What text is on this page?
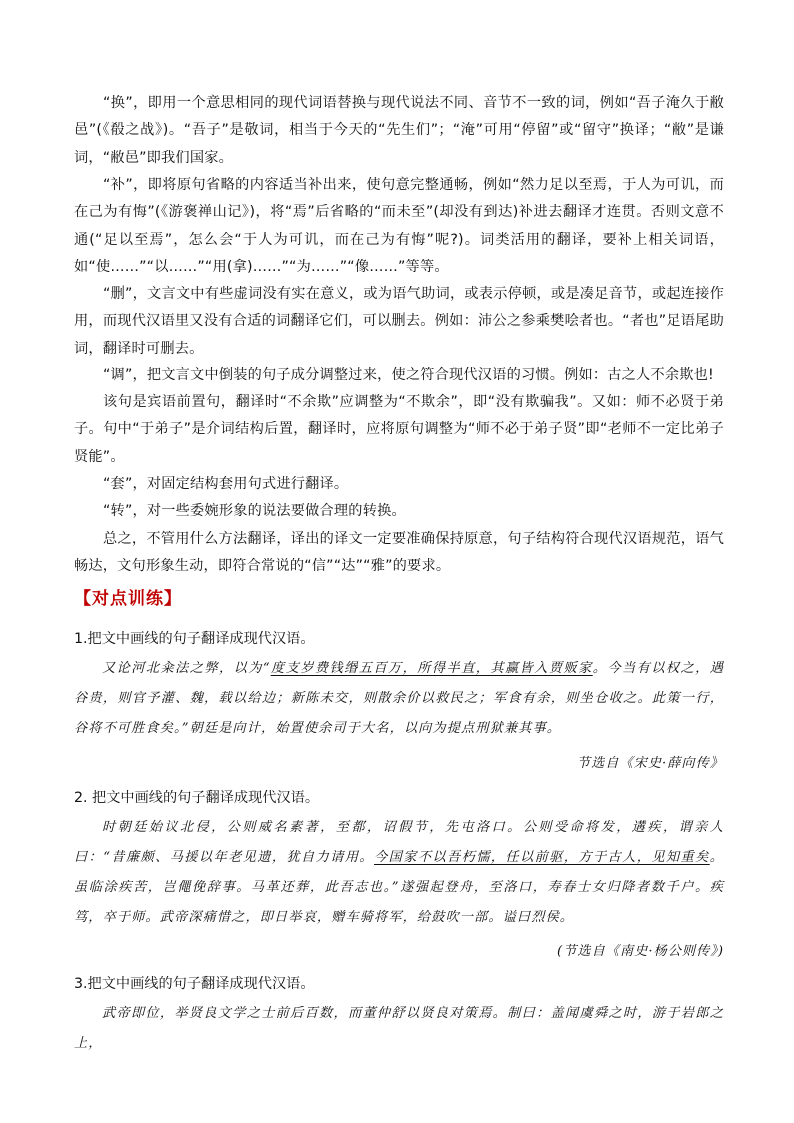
“换”，即用一个意思相同的现代词语替换与现代说法不同、音节不一致的词，例如“吾子淹久于敝邑”(《殽之战》)。“吾子”是敬词，相当于今天的“先生们”；“淹”可用“停留”或“留守”换译；“敝”是谦词，“敝邑”即我们国家。

“补”，即将原句省略的内容适当补出来，使句意完整通畅，例如“然力足以至焉，于人为可讥，而在己为有悔”(《游褒禅山记》)，将“焉”后省略的“而未至”(却没有到达)补进去翻译才连贯。否则文意不通(“足以至焉”，怎么会“于人为可讥，而在己为有悔”呢?)。词类活用的翻译，要补上相关词语，如“使……”“以……”“用(拿)……”“为……”“像……”等等。

“删”，文言文中有些虚词没有实在意义，或为语气助词，或表示停顿，或是凑足音节，或起连接作用，而现代汉语里又没有合适的词翻译它们，可以删去。例如：沛公之参乘樊哙者也。“者也”足语尾助词，翻译时可删去。

“调”，把文言文中倒装的句子成分调整过来，使之符合现代汉语的习惯。例如：古之人不余欺也!

该句是宾语前置句，翻译时“不余欺”应调整为“不欺余”，即“没有欺骗我”。又如：师不必贤于弟子。句中“于弟子”是介词结构后置，翻译时，应将原句调整为“师不必于弟子贤”即“老师不一定比弟子贤能”。

“套”，对固定结构套用句式进行翻译。

“转”，对一些委婉形象的说法要做合理的转换。

总之，不管用什么方法翻译，译出的译文一定要准确保持原意，句子结构符合现代汉语规范，语气畅达，文句形象生动，即符合常说的“信”“达”“雅”的要求。

【对点训练】

1.把文中画线的句子翻译成现代汉语。

又论河北籴法之弊，以为“度支岁费钱缗五百万，所得半直，其赢皆入贾贩家。今当有以权之，遇谷贵，则官予灌、魏，载以给边；新陈未交，则散余价以救民之；军食有余，则坐仓收之。此策一行，谷将不可胜食矣。”朝廷是向计，始置使余司于大名，以向为提点刑狱兼其事。

节选自《宋史·薛向传》

2. 把文中画线的句子翻译成现代汉语。

时朝廷始议北侵，公则威名素著，至都，诏假节，先屯洛口。公则受命将发，遘疾，谓亲人曰：“昔廉颇、马援以年老见遗，犹自力请用。今国家不以吾朽懦，任以前驱，方于古人，见知重矣。虽临涂疾苦，岂僶俛辞事。马革还葬，此吾志也。”遂强起登舟，至洛口，寿春士女归降者数千户。疾笃，卒于师。武帝深痛惜之，即日举哀，赠车骑将军，给鼓吹一部。谥曰烈侯。

(节选自《南史·杨公则传》)

3.把文中画线的句子翻译成现代汉语。

武帝即位，举贤良文学之士前后百数，而董仲舒以贤良对策焉。制曰：盖闻虞舜之时，游于岩郎之上，
